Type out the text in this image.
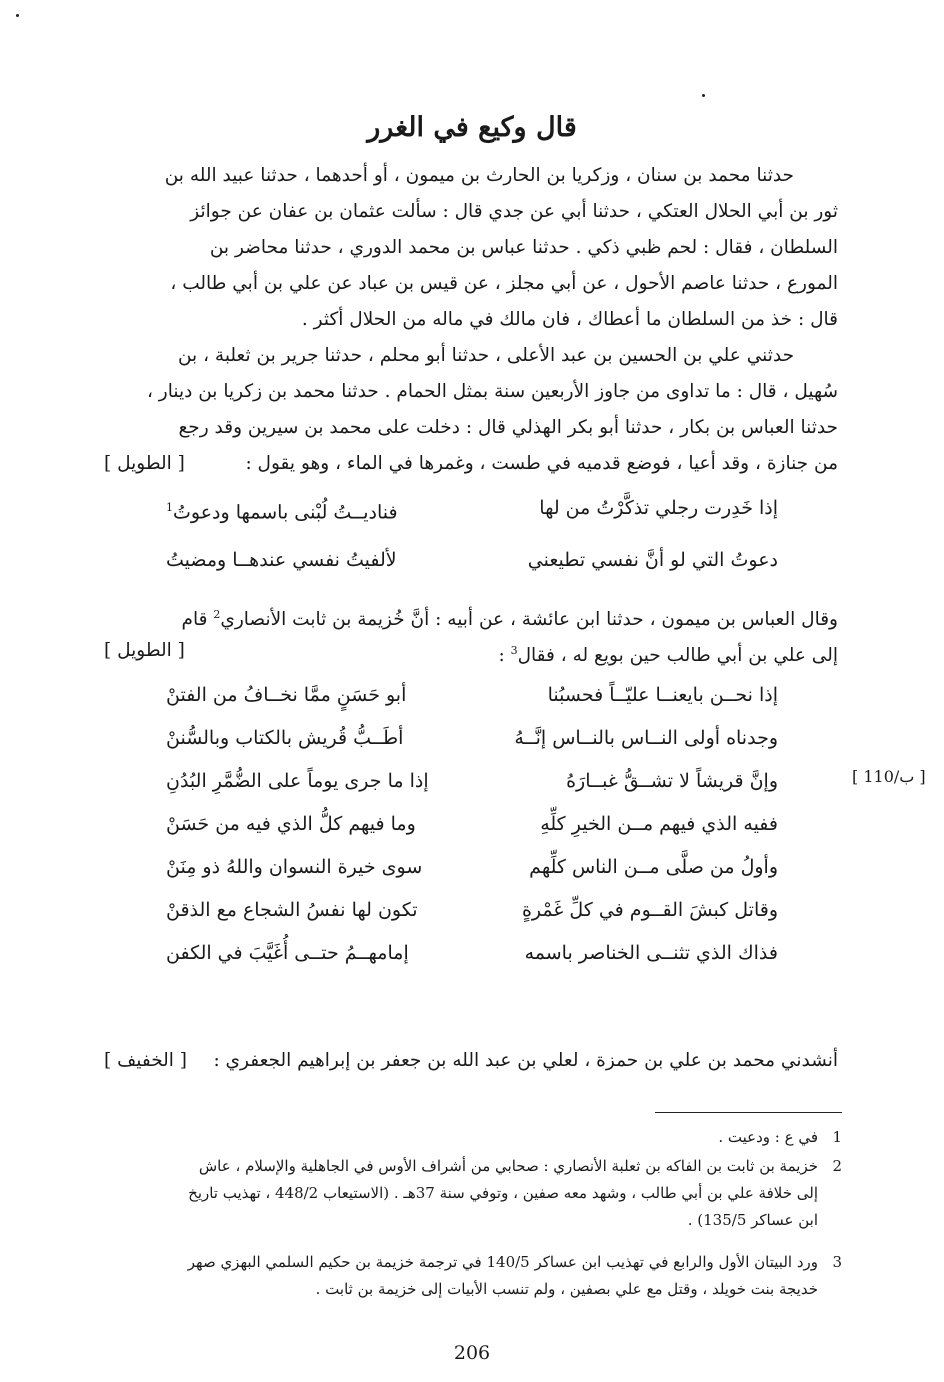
قال وكيع في الغرر
حدثنا محمد بن سنان ، وزكريا بن الحارث بن ميمون ، أو أحدهما ، حدثنا عبيد الله بن
ثور بن أبي الحلال العتكي ، حدثنا أبي عن جدي قال : سألت عثمان بن عفان عن جوائز
السلطان ، فقال : لحم ظبي ذكي . حدثنا عباس بن محمد الدوري ، حدثنا محاضر بن
المورع ، حدثنا عاصم الأحول ، عن أبي مجلز ، عن قيس بن عباد عن علي بن أبي طالب ،
قال : خذ من السلطان ما أعطاك ، فان مالك في ماله من الحلال أكثر .
حدثني علي بن الحسين بن عبد الأعلى ، حدثنا أبو محلم ، حدثنا جرير بن ثعلبة ، بن
سُهيل ، قال : ما تداوى من جاوز الأربعين سنة بمثل الحمام . حدثنا محمد بن زكريا بن دينار ،
حدثنا العباس بن بكار ، حدثنا أبو بكر الهذلي قال : دخلت على محمد بن سيرين وقد رجع
من جنازة ، وقد أعيا ، فوضع قدميه في طست ، وغمرها في الماء ، وهو يقول :
[ الطويل ]
إذا خَدِرت رجلي تذكَّرْتُ من لها
فناديــتُ لُبْنى باسمها ودعوتُ$^1$
دعوتُ التي لو أنَّ نفسي تطيعني
لألفيتُ نفسي عندهــا ومضيتُ
وقال العباس بن ميمون ، حدثنا ابن عائشة ، عن أبيه : أنَّ خُزيمة بن ثابت الأنصاري$^2$ قام
إلى علي بن أبي طالب حين بويع له ، فقال$^3$ :
[ الطويل ]
إذا نحــن بايعنــا عليّــاً فحسبُنا
أبو حَسَنٍ ممَّا نخــافُ من الفتنْ
وجدناه أولى النــاس بالنــاس إنَّــهُ
أطَــبُّ قُريش بالكتاب وبالسُّننْ
وإنَّ قريشاً لا تشــقُّ غبــارَهُ
إذا ما جرى يوماً على الضُّمَّرِ البُدُنِ
ففيه الذي فيهم مــن الخيرِ كلِّهِ
وما فيهم كلُّ الذي فيه من حَسَنْ
وأولُ من صلَّى مــن الناس كلِّهم
سوى خيرة النسوان واللهُ ذو مِنَنْ
وقاتل كبشَ القــوم في كلِّ غَمْرةٍ
تكون لها نفسُ الشجاع مع الذقنْ
فذاك الذي تثنــى الخناصر باسمه
إمامهــمُ حتــى أُغَيَّبَ في الكفن
[ 110/ب ]
أنشدني محمد بن علي بن حمزة ، لعلي بن عبد الله بن جعفر بن إبراهيم الجعفري :
[ الخفيف ]
1
في ع : ودعيت .
2
خزيمة بن ثابت بن الفاكه بن ثعلبة الأنصاري : صحابي من أشراف الأوس في الجاهلية والإسلام ، عاش
إلى خلافة علي بن أبي طالب ، وشهد معه صفين ، وتوفي سنة 37هـ . (الاستيعاب 448/2 ، تهذيب تاريخ
ابن عساكر 135/5) .
3
ورد البيتان الأول والرابع في تهذيب ابن عساكر 140/5 في ترجمة خزيمة بن حكيم السلمي البهزي صهر
خديجة بنت خويلد ، وقتل مع علي بصفين ، ولم تنسب الأبيات إلى خزيمة بن ثابت .
206
